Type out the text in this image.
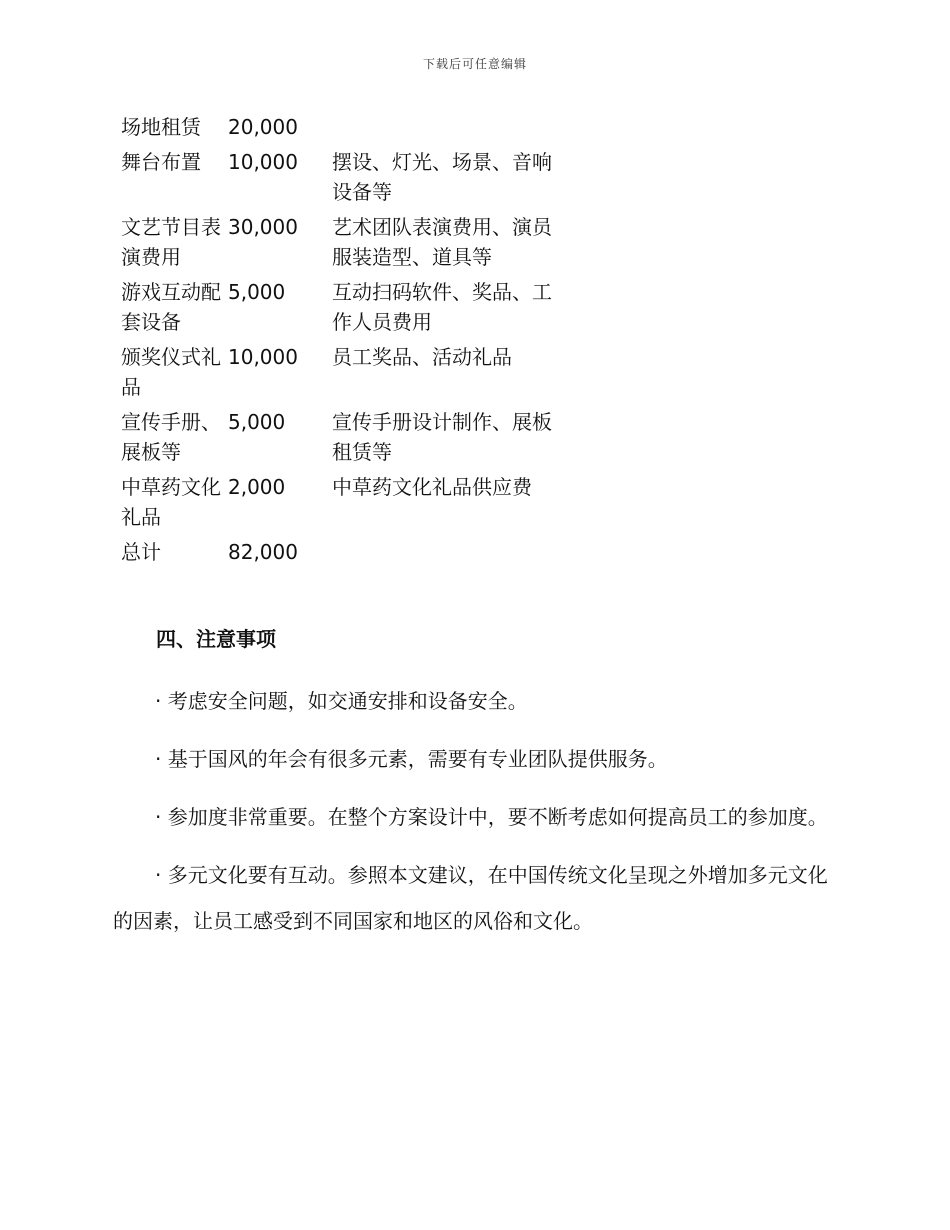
下载后可任意编辑
场地租赁	20,000	
舞台布置	10,000	摆设、灯光、场景、音响设备等
文艺节目表演费用	30,000	艺术团队表演费用、演员服装造型、道具等
游戏互动配套设备	5,000	互动扫码软件、奖品、工作人员费用
颁奖仪式礼品	10,000	员工奖品、活动礼品
宣传手册、展板等	5,000	宣传手册设计制作、展板租赁等
中草药文化礼品	2,000	中草药文化礼品供应费
总计	82,000	
四、注意事项

· 考虑安全问题，如交通安排和设备安全。

· 基于国风的年会有很多元素，需要有专业团队提供服务。

· 参加度非常重要。在整个方案设计中，要不断考虑如何提高员工的参加度。

· 多元文化要有互动。参照本文建议，在中国传统文化呈现之外增加多元文化的因素，让员工感受到不同国家和地区的风俗和文化。
